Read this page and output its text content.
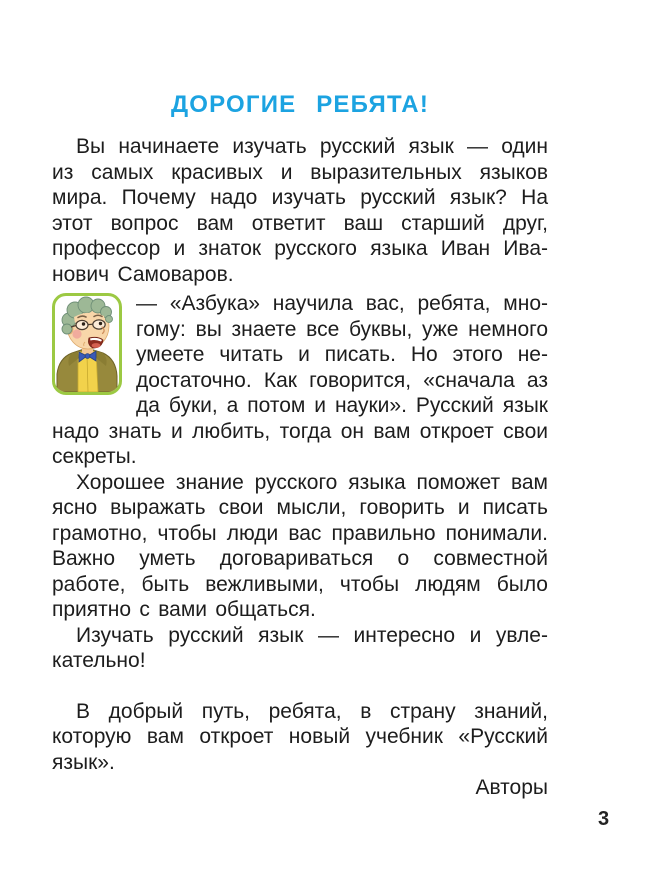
ДОРОГИЕ РЕБЯТА!

Вы начинаете изучать русский язык — один из самых красивых и выразительных языков мира. Почему надо изучать русский язык? На этот вопрос вам ответит ваш старший друг, профессор и знаток русского языка Иван Иванович Самоваров.

— «Азбука» научила вас, ребята, многому: вы знаете все буквы, уже немного умеете читать и писать. Но этого недостаточно. Как говорится, «сначала аз да буки, а потом и науки». Русский язык надо знать и любить, тогда он вам откроет свои секреты.

Хорошее знание русского языка поможет вам ясно выражать свои мысли, говорить и писать грамотно, чтобы люди вас правильно понимали. Важно уметь договариваться о совместной работе, быть вежливыми, чтобы людям было приятно с вами общаться.

Изучать русский язык — интересно и увлекательно!

В добрый путь, ребята, в страну знаний, которую вам откроет новый учебник «Русский язык».

Авторы

3
